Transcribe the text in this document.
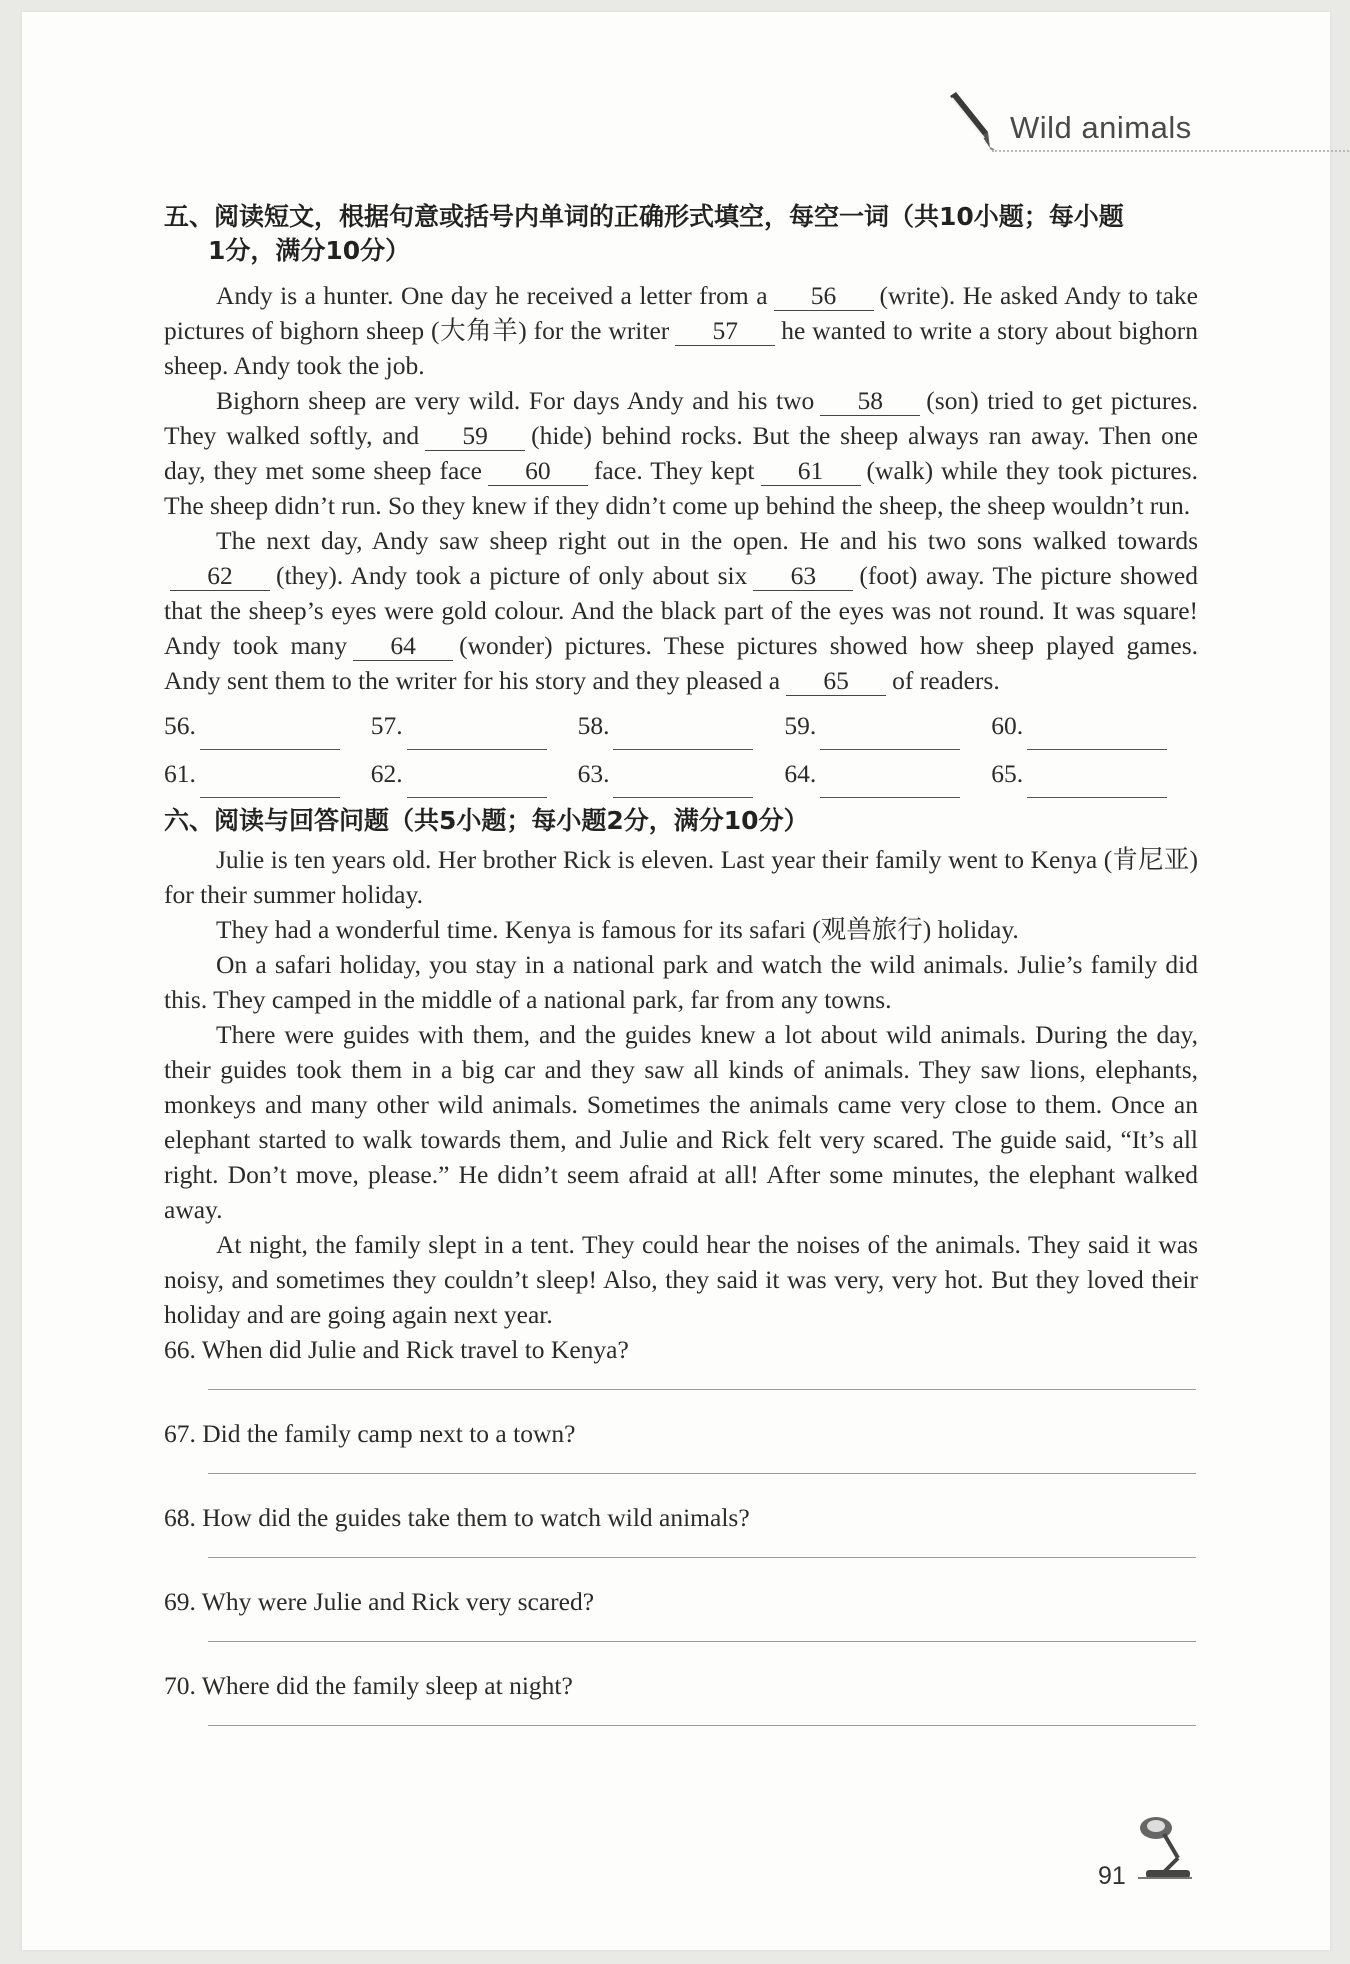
Wild animals
五、阅读短文，根据句意或括号内单词的正确形式填空，每空一词（共10小题；每小题
1分，满分10分）

Andy is a hunter. One day he received a letter from a 56 (write). He asked Andy to take pictures of bighorn sheep (大角羊) for the writer 57 he wanted to write a story about bighorn sheep. Andy took the job.

Bighorn sheep are very wild. For days Andy and his two 58 (son) tried to get pictures. They walked softly, and 59 (hide) behind rocks. But the sheep always ran away. Then one day, they met some sheep face 60 face. They kept 61 (walk) while they took pictures. The sheep didn’t run. So they knew if they didn’t come up behind the sheep, the sheep wouldn’t run.

The next day, Andy saw sheep right out in the open. He and his two sons walked towards62 (they). Andy took a picture of only about six 63 (foot) away. The picture showed that the sheep’s eyes were gold colour. And the black part of the eyes was not round. It was square! Andy took many 64 (wonder) pictures. These pictures showed how sheep played games. Andy sent them to the writer for his story and they pleased a 65 of readers.

56.	57.	58.	59.	60.
61.	62.	63.	64.	65.
六、阅读与回答问题（共5小题；每小题2分，满分10分）

Julie is ten years old. Her brother Rick is eleven. Last year their family went to Kenya (肯尼亚) for their summer holiday.

They had a wonderful time. Kenya is famous for its safari (观兽旅行) holiday.

On a safari holiday, you stay in a national park and watch the wild animals. Julie’s family did this. They camped in the middle of a national park, far from any towns.

There were guides with them, and the guides knew a lot about wild animals. During the day, their guides took them in a big car and they saw all kinds of animals. They saw lions, elephants, monkeys and many other wild animals. Sometimes the animals came very close to them. Once an elephant started to walk towards them, and Julie and Rick felt very scared. The guide said, “It’s all right. Don’t move, please.” He didn’t seem afraid at all! After some minutes, the elephant walked away.

At night, the family slept in a tent. They could hear the noises of the animals. They said it was noisy, and sometimes they couldn’t sleep! Also, they said it was very, very hot. But they loved their holiday and are going again next year.

66. When did Julie and Rick travel to Kenya?

67. Did the family camp next to a town?

68. How did the guides take them to watch wild animals?

69. Why were Julie and Rick very scared?

70. Where did the family sleep at night?

91
